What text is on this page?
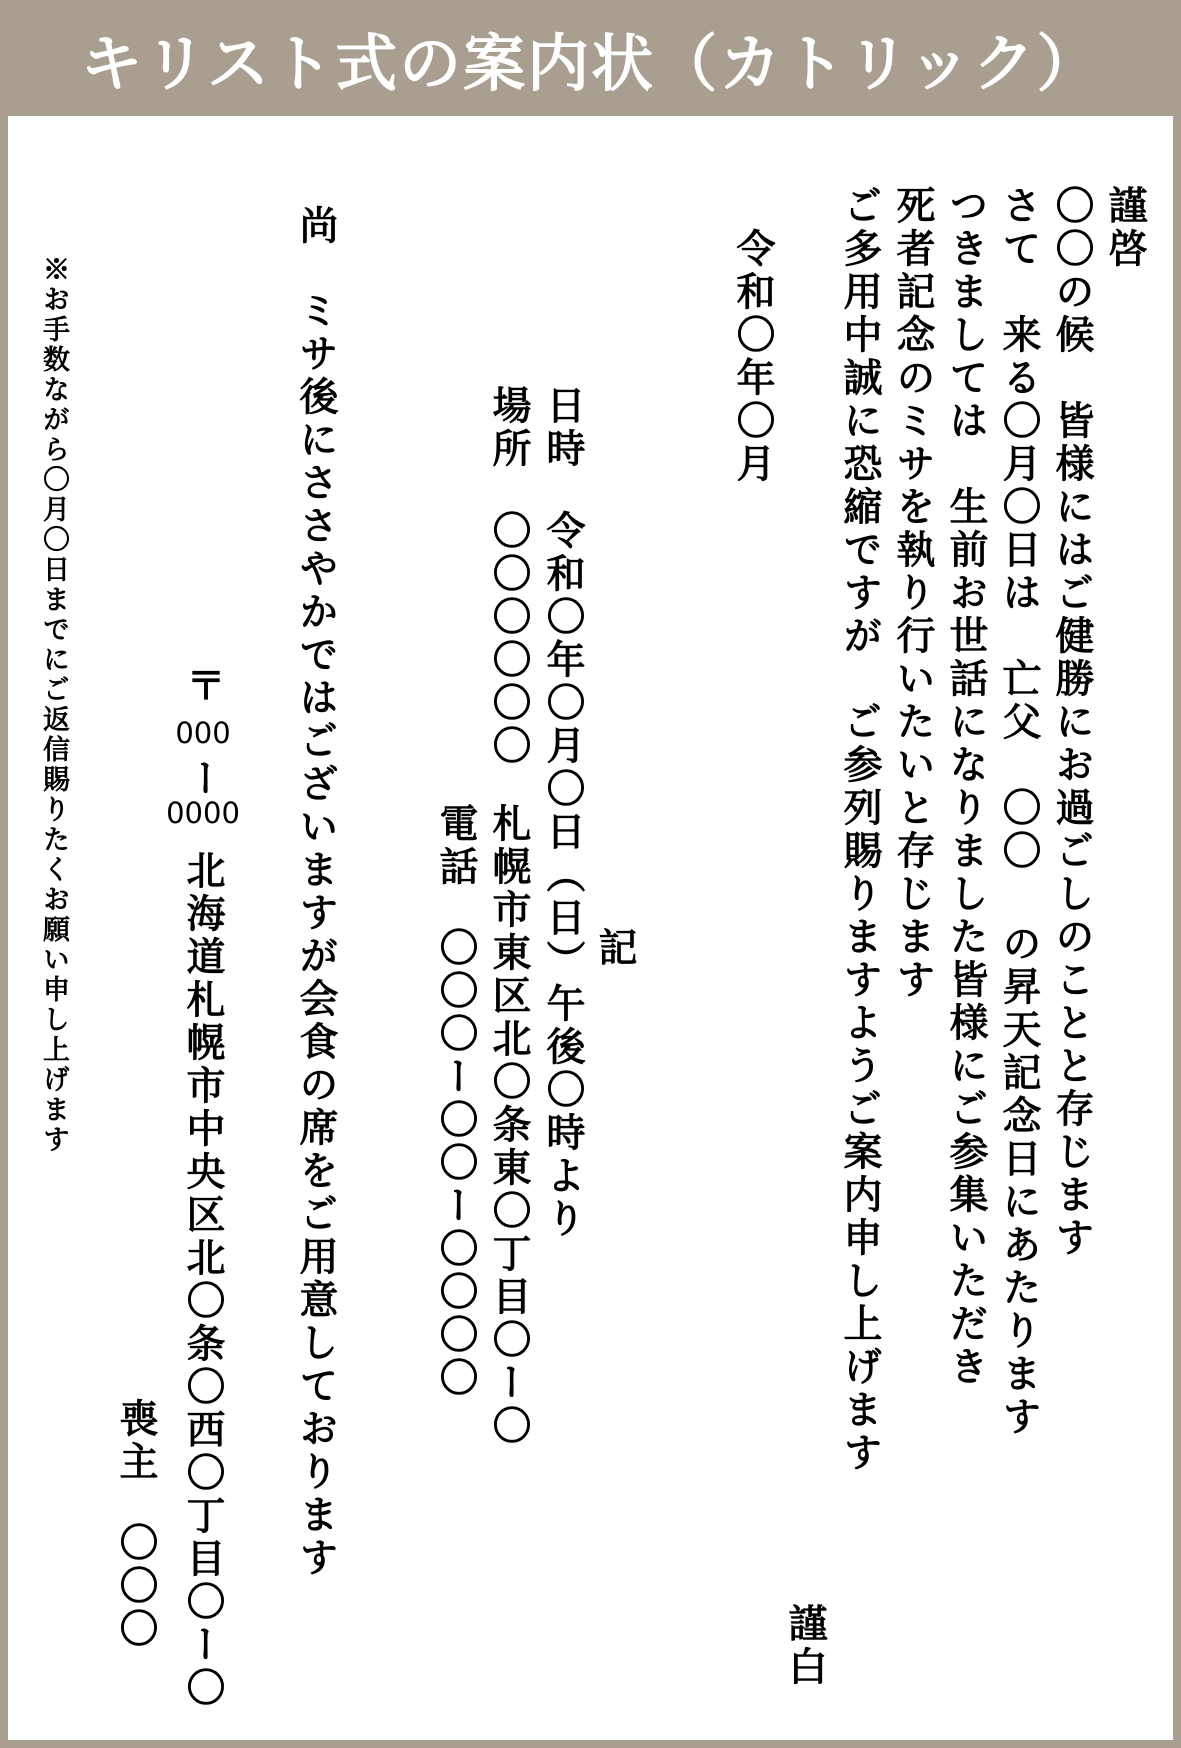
キリスト式の案内状（カトリック）
謹啓
〇〇の候　皆様にはご健勝にお過ごしのことと存じます
さて　来る〇月〇日は　亡父　〇〇 の昇天記念日にあたります
つきましては　生前お世話になりました皆様にご参集いただき
死者記念のミサを執り行いたいと存じます
ご多用中誠に恐縮ですが　ご参列賜りますようご案内申し上げます
謹白
令和〇年〇月
記
日時
令和〇年〇月〇日（日）午後〇時より
場所
〇〇〇〇〇〇
札幌市東区北〇条東〇丁目〇ー〇
電話
〇〇〇ー〇〇ー〇〇〇〇
尚
ミサ後にささやかではございますが会食の席をご用意しております
〒
000
ー
0000
北海道札幌市中央区北〇条〇西〇丁目〇ー〇
喪主
〇〇〇
※お手数ながら〇月〇日までにご返信賜りたくお願い申し上げます
